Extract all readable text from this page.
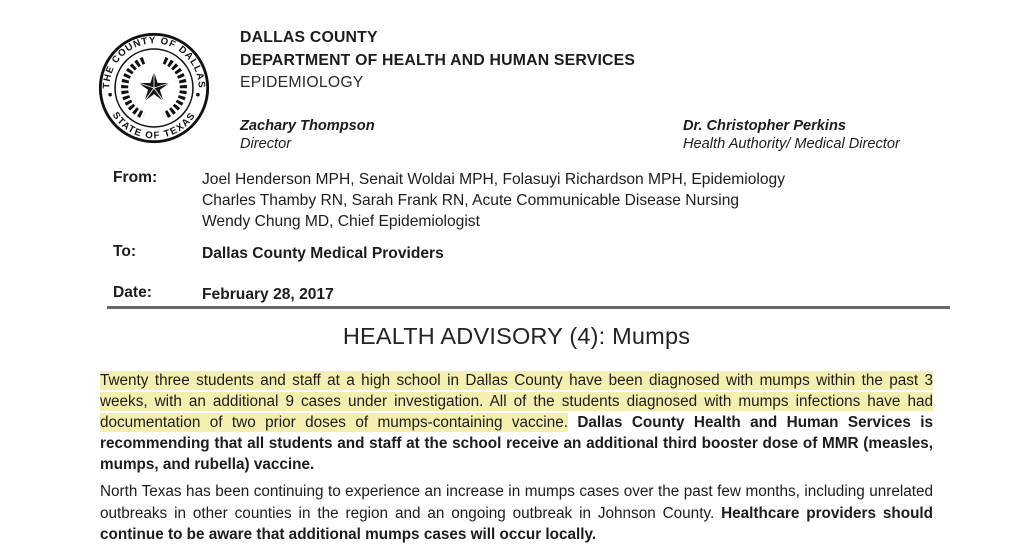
THE COUNTY OF DALLAS
STATE OF TEXAS
DALLAS COUNTY
DEPARTMENT OF HEALTH AND HUMAN SERVICES
EPIDEMIOLOGY
Zachary Thompson
Director
Dr. Christopher Perkins
Health Authority/ Medical Director
From:	Joel Henderson MPH, Senait Woldai MPH, Folasuyi Richardson MPH, Epidemiology
Charles Thamby RN, Sarah Frank RN, Acute Communicable Disease Nursing
Wendy Chung MD, Chief Epidemiologist
To:	Dallas County Medical Providers
Date:	February 28, 2017
HEALTH ADVISORY (4): Mumps

Twenty three students and staff at a high school in Dallas County have been diagnosed with mumps within the past 3 weeks, with an additional 9 cases under investigation. All of the students diagnosed with mumps infections have had documentation of two prior doses of mumps-containing vaccine. Dallas County Health and Human Services is recommending that all students and staff at the school receive an additional third booster dose of MMR (measles, mumps, and rubella) vaccine.

North Texas has been continuing to experience an increase in mumps cases over the past few months, including unrelated outbreaks in other counties in the region and an ongoing outbreak in Johnson County. Healthcare providers should continue to be aware that additional mumps cases will occur locally.
